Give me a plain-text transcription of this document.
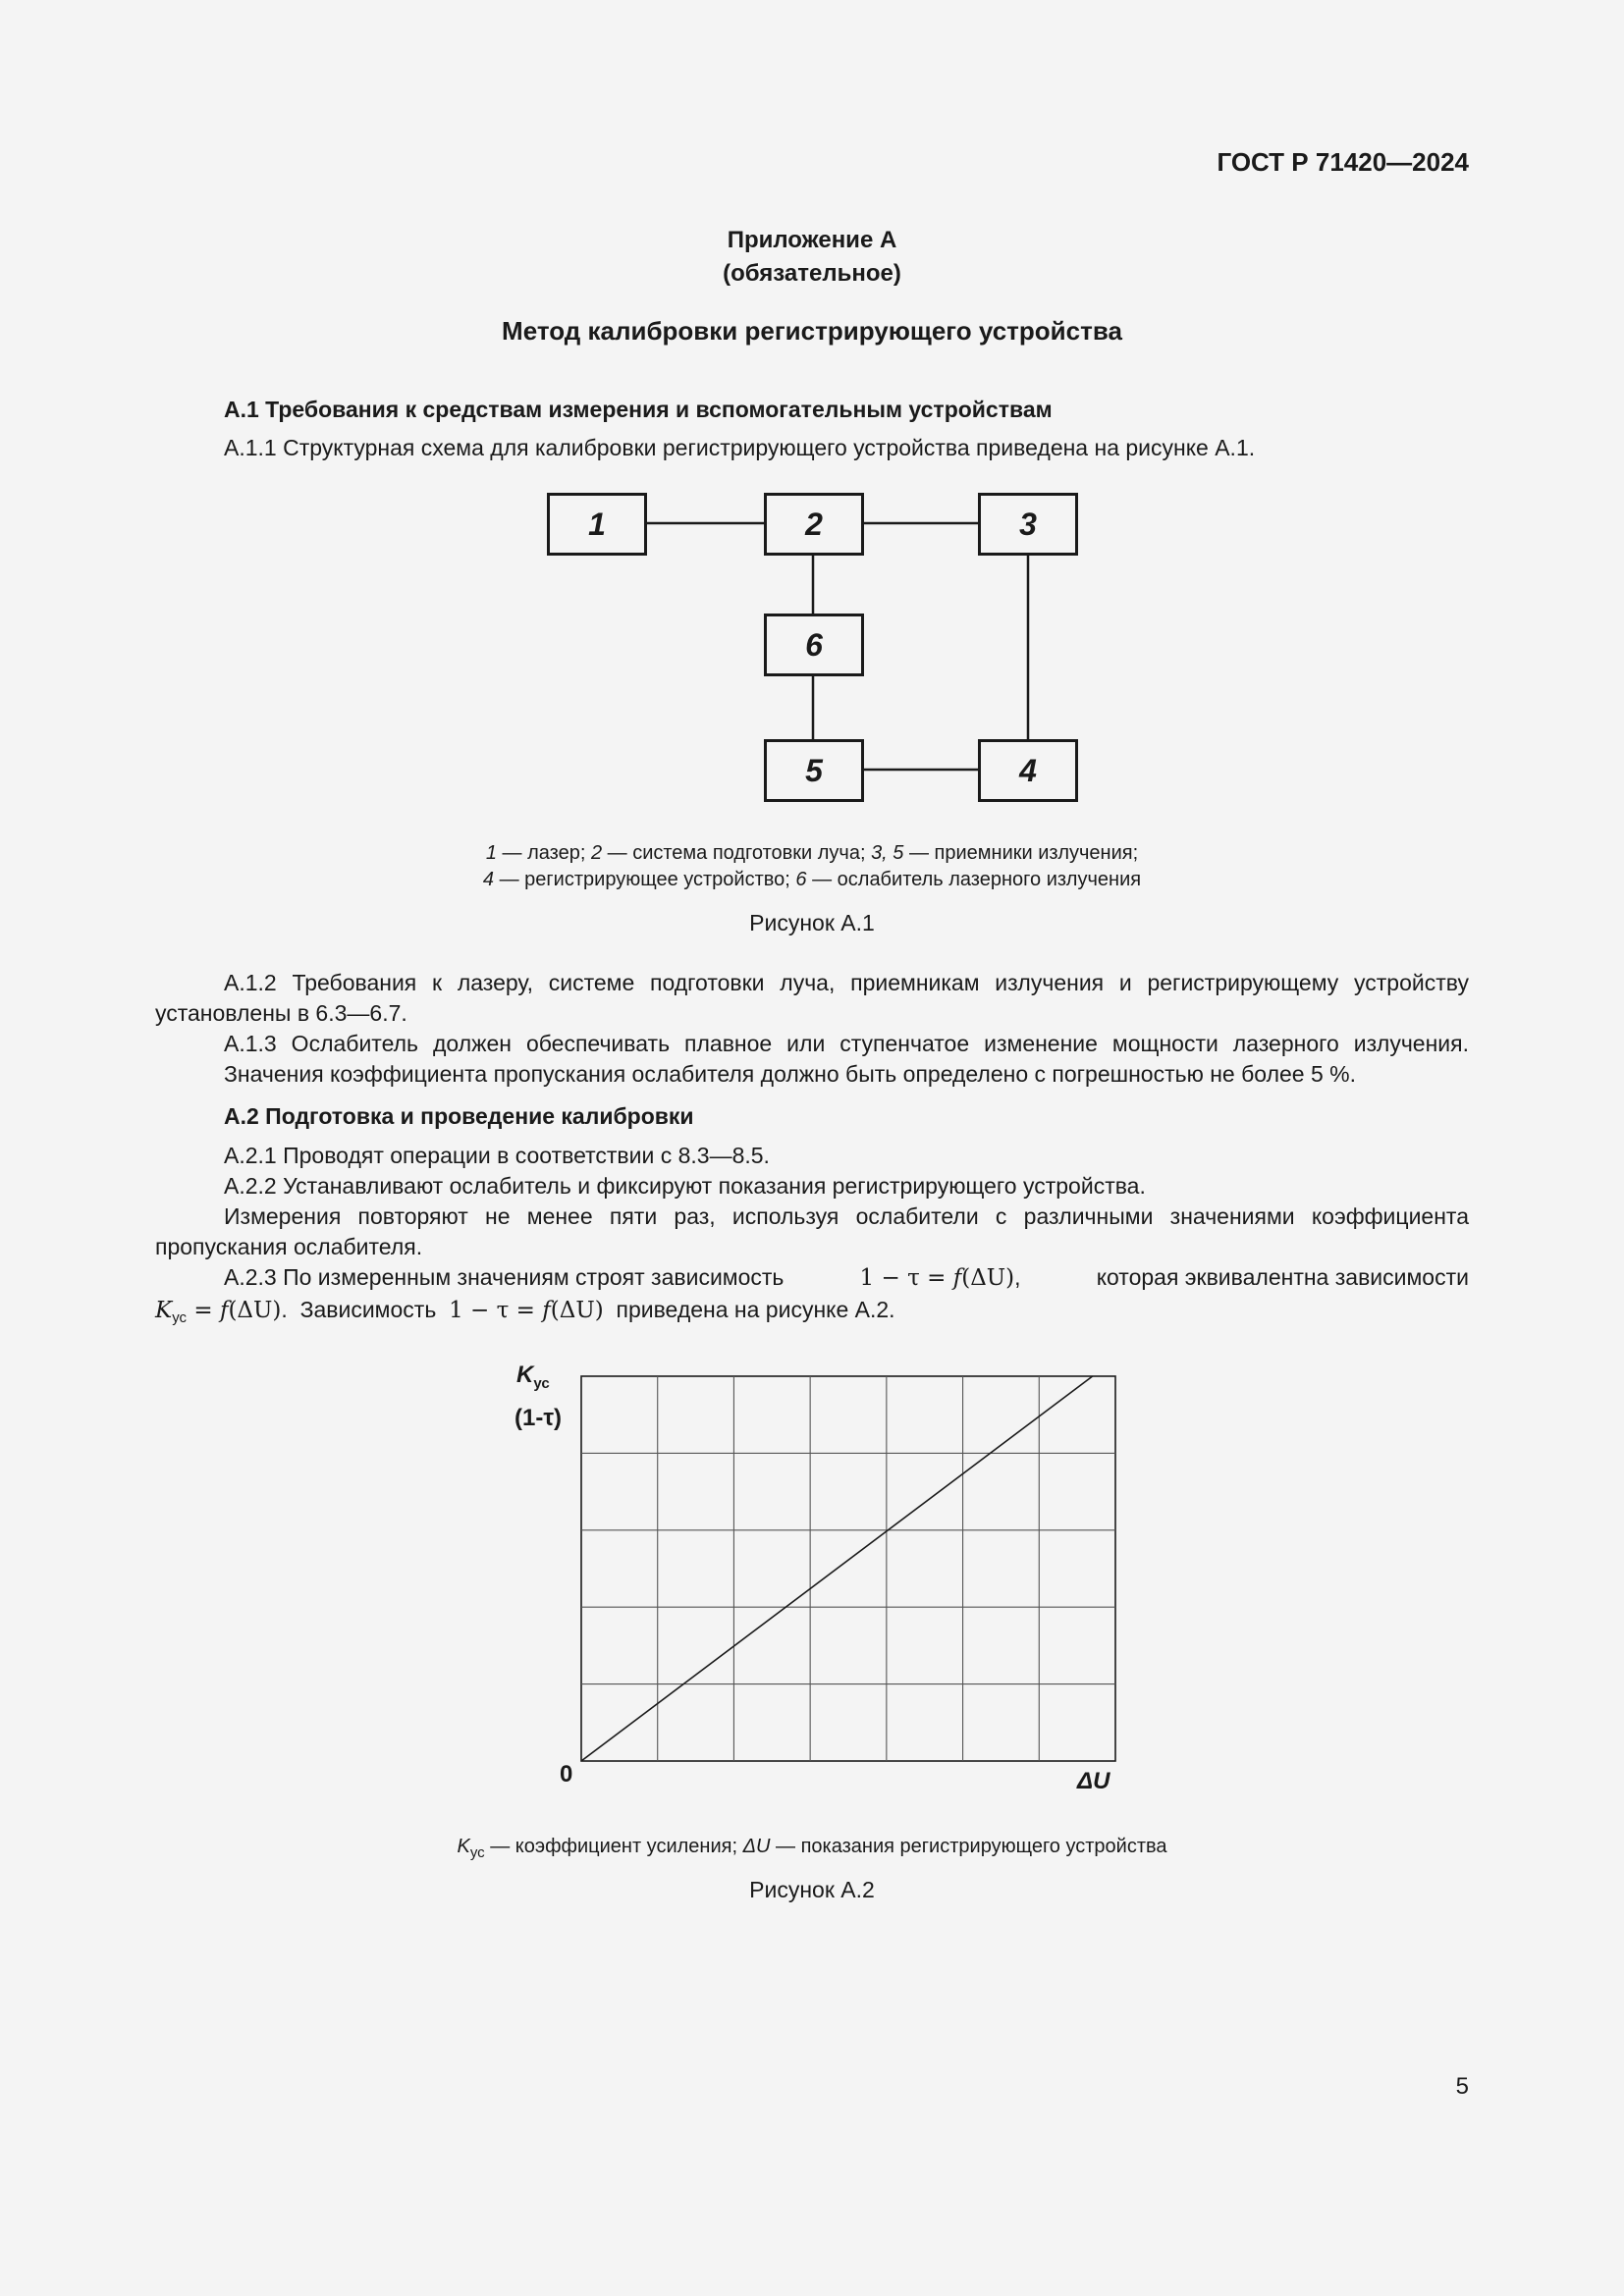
ГОСТ Р 71420—2024
Приложение А
(обязательное)
Метод калибровки регистрирующего устройства
А.1 Требования к средствам измерения и вспомогательным устройствам
А.1.1 Структурная схема для калибровки регистрирующего устройства приведена на рисунке А.1.
1	2	3
6
5	4
1 — лазер; 2 — система подготовки луча; 3, 5 — приемники излучения;
4 — регистрирующее устройство; 6 — ослабитель лазерного излучения
Рисунок А.1
А.1.2 Требования к лазеру, системе подготовки луча, приемникам излучения и регистрирующему устройству
установлены в 6.3—6.7.
А.1.3 Ослабитель должен обеспечивать плавное или ступенчатое изменение мощности лазерного излучения.
Значения коэффициента пропускания ослабителя должно быть определено с погрешностью не более 5 %.
А.2 Подготовка и проведение калибровки
А.2.1 Проводят операции в соответствии с 8.3—8.5.
А.2.2 Устанавливают ослабитель и фиксируют показания регистрирующего устройства.
Измерения повторяют не менее пяти раз, используя ослабители с различными значениями коэффициента
пропускания ослабителя.
А.2.3 По измеренным значениям строят зависимость	1 − τ = f(ΔU),	которая эквивалентна зависимости
$K_{ус} = f(\Delta U)$. Зависимость 1 − τ = f(ΔU) приведена на рисунке А.2.
$K_{ус}$
(1-τ)
0	ΔU
$K_{ус}$ — коэффициент усиления; ΔU — показания регистрирующего устройства
Рисунок А.2
5
